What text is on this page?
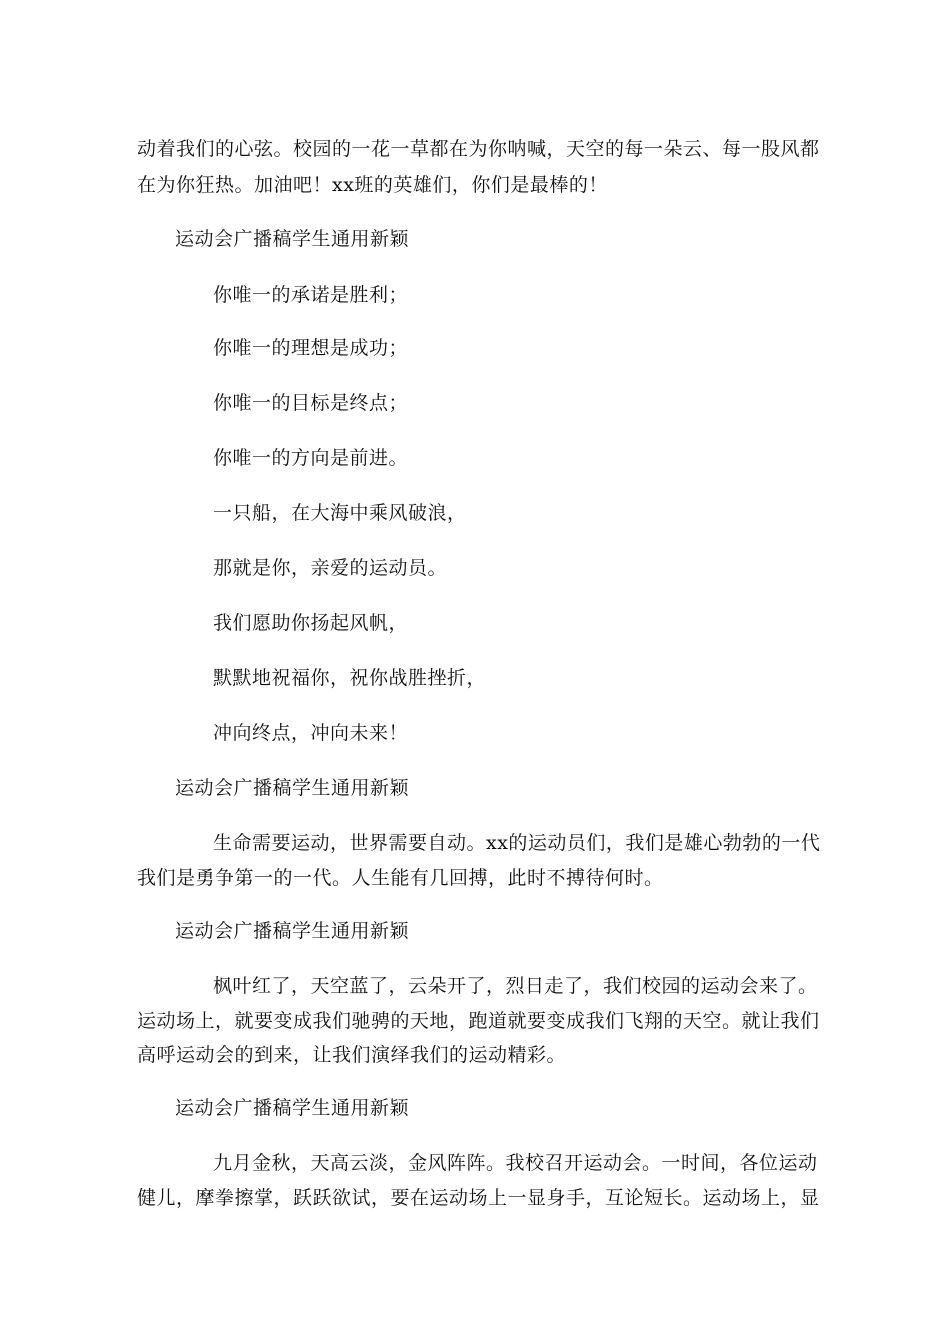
动着我们的心弦。校园的一花一草都在为你呐喊，天空的每一朵云、每一股风都
在为你狂热。加油吧！xx班的英雄们，你们是最棒的！
运动会广播稿学生通用新颖
你唯一的承诺是胜利；
你唯一的理想是成功；
你唯一的目标是终点；
你唯一的方向是前进。
一只船，在大海中乘风破浪，
那就是你，亲爱的运动员。
我们愿助你扬起风帆，
默默地祝福你，祝你战胜挫折，
冲向终点，冲向未来！
运动会广播稿学生通用新颖
生命需要运动，世界需要自动。xx的运动员们，我们是雄心勃勃的一代
我们是勇争第一的一代。人生能有几回搏，此时不搏待何时。
运动会广播稿学生通用新颖
枫叶红了，天空蓝了，云朵开了，烈日走了，我们校园的运动会来了。
运动场上，就要变成我们驰骋的天地，跑道就要变成我们飞翔的天空。就让我们
高呼运动会的到来，让我们演绎我们的运动精彩。
运动会广播稿学生通用新颖
九月金秋，天高云淡，金风阵阵。我校召开运动会。一时间，各位运动
健儿，摩拳擦掌，跃跃欲试，要在运动场上一显身手，互论短长。运动场上，显
